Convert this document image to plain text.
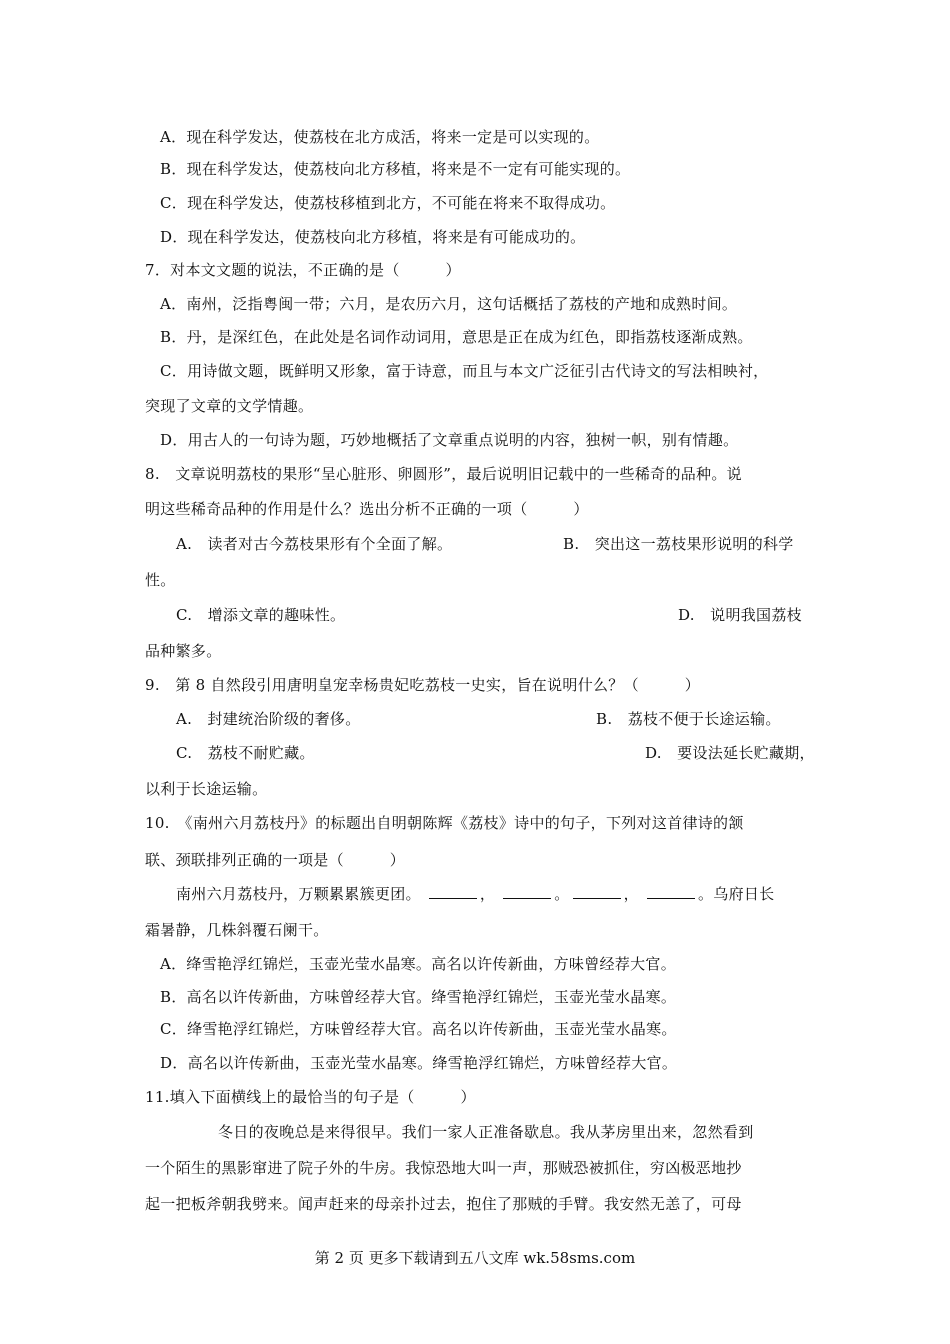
A．现在科学发达，使荔枝在北方成活，将来一定是可以实现的。
B．现在科学发达，使荔枝向北方移植，将来是不一定有可能实现的。
C．现在科学发达，使荔枝移植到北方，不可能在将来不取得成功。
D．现在科学发达，使荔枝向北方移植，将来是有可能成功的。
7．对本文文题的说法，不正确的是（　　　）
A．南州，泛指粤闽一带；六月，是农历六月，这句话概括了荔枝的产地和成熟时间。
B．丹，是深红色，在此处是名词作动词用，意思是正在成为红色，即指荔枝逐渐成熟。
C．用诗做文题，既鲜明又形象，富于诗意，而且与本文广泛征引古代诗文的写法相映衬，
突现了文章的文学情趣。
D．用古人的一句诗为题，巧妙地概括了文章重点说明的内容，独树一帜，别有情趣。
8.　文章说明荔枝的果形“呈心脏形、卵圆形”，最后说明旧记载中的一些稀奇的品种。说
明这些稀奇品种的作用是什么？选出分析不正确的一项（　　　）
A.　读者对古今荔枝果形有个全面了解。	B.　突出这一荔枝果形说明的科学
性。
C.　增添文章的趣味性。	D.　说明我国荔枝
品种繁多。
9.　第 8 自然段引用唐明皇宠幸杨贵妃吃荔枝一史实，旨在说明什么？（　　　）
A.　封建统治阶级的奢侈。	B.　荔枝不便于长途运输。
C.　荔枝不耐贮藏。	D.　要设法延长贮藏期，
以利于长途运输。
10.　《南州六月荔枝丹》的标题出自明朝陈辉《荔枝》诗中的句子，下列对这首律诗的颔
联、颈联排列正确的一项是（　　　）
南州六月荔枝丹，万颗累累簇更团。	，	。	，	。乌府日长
霜暑静，几株斜覆石阑干。
A．绛雪艳浮红锦烂，玉壶光莹水晶寒。高名以许传新曲，方味曾经荐大官。
B．高名以许传新曲，方味曾经荐大官。绛雪艳浮红锦烂，玉壶光莹水晶寒。
C．绛雪艳浮红锦烂，方味曾经荐大官。高名以许传新曲，玉壶光莹水晶寒。
D．高名以许传新曲，玉壶光莹水晶寒。绛雪艳浮红锦烂，方味曾经荐大官。
11.填入下面横线上的最恰当的句子是（　　　）
冬日的夜晚总是来得很早。我们一家人正准备歇息。我从茅房里出来，忽然看到
一个陌生的黑影窜进了院子外的牛房。我惊恐地大叫一声，那贼恐被抓住，穷凶极恶地抄
起一把板斧朝我劈来。闻声赶来的母亲扑过去，抱住了那贼的手臂。我安然无恙了，可母
第 2 页 更多下载请到五八文库 wk.58sms.com
